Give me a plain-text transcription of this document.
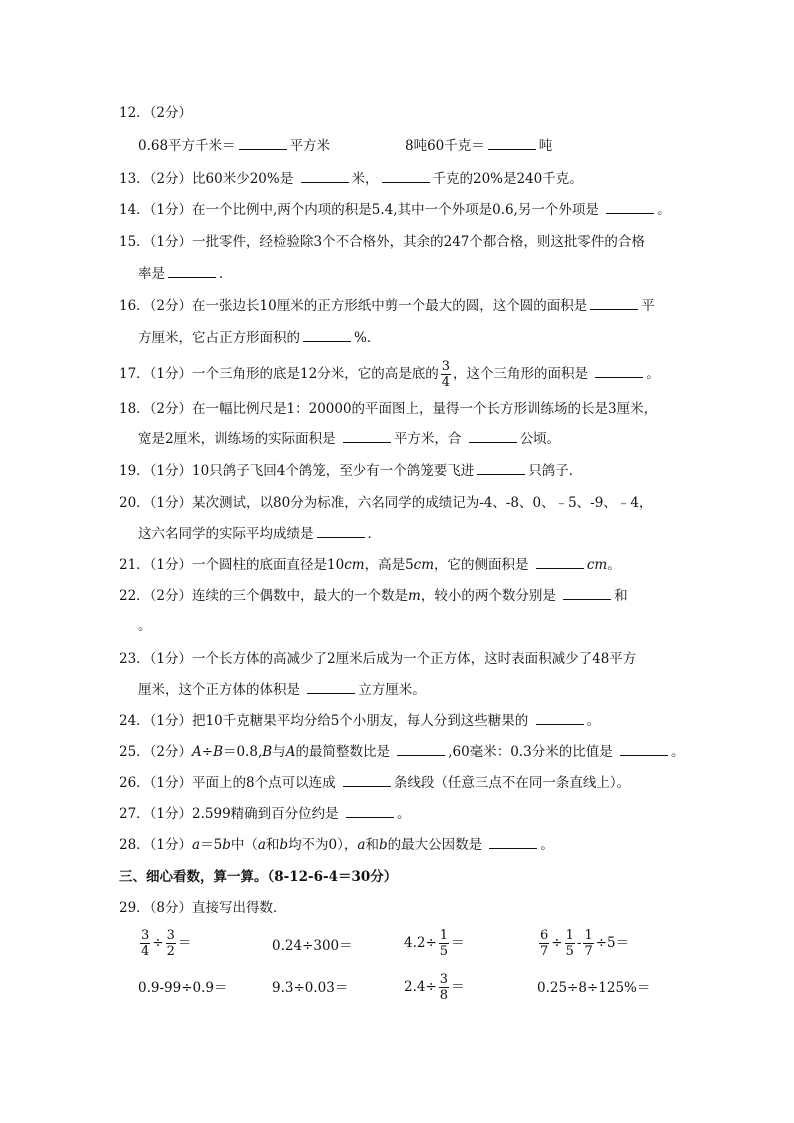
12．（2分）
0.68平方千米＝	平方米	8吨60千克＝	吨
13．（2分）比60米少20%是	米，	千克的20%是240千克。
14．（1分）在一个比例中,两个内项的积是5.4,其中一个外项是0.6,另一个外项是	。
15．（1分）一批零件，经检验除3个不合格外，其余的247个都合格，则这批零件的合格
率是	．
16．（2分）在一张边长10厘米的正方形纸中剪一个最大的圆，这个圆的面积是	平
方厘米，它占正方形面积的	%．
17．（1分）一个三角形的底是12分米，它的高是底的 $\frac{3}{4}$ ，这个三角形的面积是	。
18．（2分）在一幅比例尺是1：20000的平面图上，量得一个长方形训练场的长是3厘米，
宽是2厘米，训练场的实际面积是	平方米，合	公顷。
19．（1分）10只鸽子飞回4个鸽笼，至少有一个鸽笼要飞进	只鸽子．
20．（1分）某次测试，以80分为标准，六名同学的成绩记为-4、-8、0、﹣5、-9、﹣4，
这六名同学的实际平均成绩是	．
21．（1分）一个圆柱的底面直径是10cm，高是5cm，它的侧面积是	cm。
22．（2分）连续的三个偶数中，最大的一个数是m，较小的两个数分别是	和
。
23．（1分）一个长方体的高减少了2厘米后成为一个正方体，这时表面积减少了48平方
厘米，这个正方体的体积是	立方厘米。
24．（1分）把10千克糖果平均分给5个小朋友，每人分到这些糖果的	。
25．（2分）A÷B＝0.8,B与A的最简整数比是	,60毫米：0.3分米的比值是	。
26．（1分）平面上的8个点可以连成	条线段（任意三点不在同一条直线上）。
27．（1分）2.599精确到百分位约是	。
28．（1分）a＝5b中（a和b均不为0），a和b的最大公因数是	。
三、细心看数，算一算。（8-12-6-4＝30分）
29．（8分）直接写出得数．
$\frac{3}{4} \div \frac{3}{2}$ ＝	0.24÷300＝	$4.2\div \frac{1}{5}$ ＝	$\frac{6}{7} \div \frac{1}{5} - \frac{1}{7} \div 5=$
0.9-99÷0.9＝	9.3÷0.03＝	$2.4\div \frac{3}{8}$ ＝	0.25÷8÷125%＝
